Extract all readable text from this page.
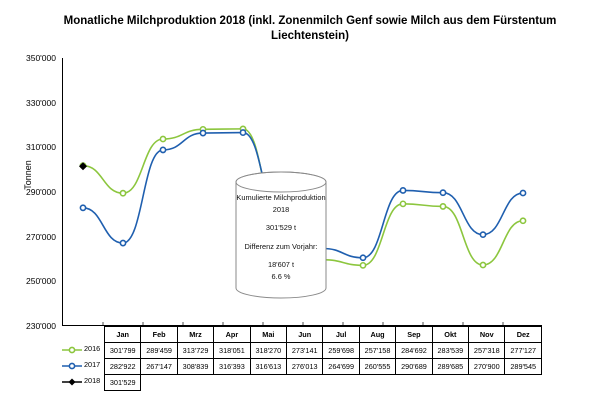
Monatliche Milchproduktion 2018 (inkl. Zonenmilch Genf sowie Milch aus dem Fürstentum Liechtenstein)
Tonnen
230'000
250'000
270'000
290'000
310'000
330'000
350'000
Kumulierte Milchproduktion
2018
301'529 t
Differenz zum Vorjahr:
18'607 t
6.6 %
	Jan	Feb	Mrz	Apr	Mai	Jun	Jul	Aug	Sep	Okt	Nov	Dez

2016	301'799	289'459	313'729	318'051	318'270	273'141	259'698	257'158	284'692	283'539	257'318	277'127

2017	282'922	267'147	308'839	316'393	316'613	276'013	264'699	260'555	290'689	289'685	270'900	289'545

2018	301'529											
